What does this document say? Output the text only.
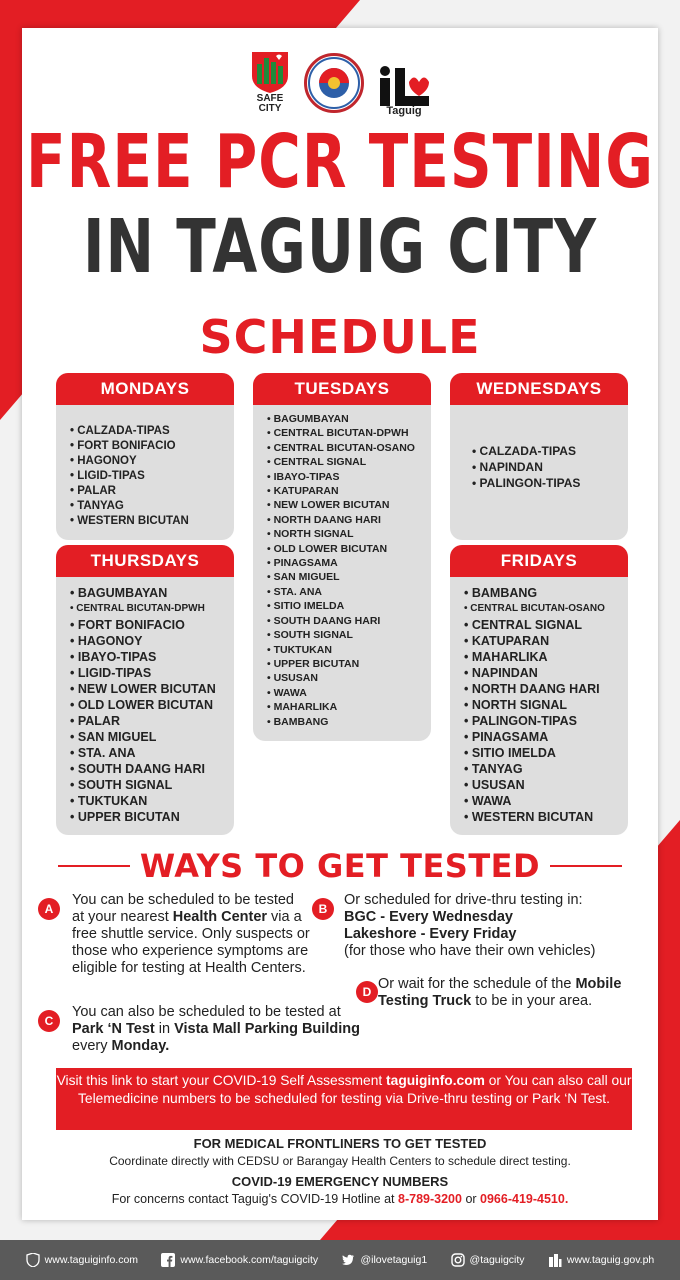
SAFE CITY	Taguig
FREE PCR TESTING
IN TAGUIG CITY
SCHEDULE
MONDAYS
• CALZADA-TIPAS
• FORT BONIFACIO
• HAGONOY
• LIGID-TIPAS
• PALAR
• TANYAG
• WESTERN BICUTAN
TUESDAYS
• BAGUMBAYAN
• CENTRAL BICUTAN-DPWH
• CENTRAL BICUTAN-OSANO
• CENTRAL SIGNAL
• IBAYO-TIPAS
• KATUPARAN
• NEW LOWER BICUTAN
• NORTH DAANG HARI
• NORTH SIGNAL
• OLD LOWER BICUTAN
• PINAGSAMA
• SAN MIGUEL
• STA. ANA
• SITIO IMELDA
• SOUTH DAANG HARI
• SOUTH SIGNAL
• TUKTUKAN
• UPPER BICUTAN
• USUSAN
• WAWA
• MAHARLIKA
• BAMBANG
WEDNESDAYS
• CALZADA-TIPAS
• NAPINDAN
• PALINGON-TIPAS
THURSDAYS
• BAGUMBAYAN
• CENTRAL BICUTAN-DPWH
• FORT BONIFACIO
• HAGONOY
• IBAYO-TIPAS
• LIGID-TIPAS
• NEW LOWER BICUTAN
• OLD LOWER BICUTAN
• PALAR
• SAN MIGUEL
• STA. ANA
• SOUTH DAANG HARI
• SOUTH SIGNAL
• TUKTUKAN
• UPPER BICUTAN
FRIDAYS
• BAMBANG
• CENTRAL BICUTAN-OSANO
• CENTRAL SIGNAL
• KATUPARAN
• MAHARLIKA
• NAPINDAN
• NORTH DAANG HARI
• NORTH SIGNAL
• PALINGON-TIPAS
• PINAGSAMA
• SITIO IMELDA
• TANYAG
• USUSAN
• WAWA
• WESTERN BICUTAN
WAYS TO GET TESTED
A
You can be scheduled to be tested at your nearest Health Center via a free shuttle service. Only suspects or those who experience symptoms are eligible for testing at Health Centers.
B
Or scheduled for drive-thru testing in:
BGC - Every Wednesday
Lakeshore - Every Friday
(for those who have their own vehicles)
D Or wait for the schedule of the Mobile Testing Truck to be in your area.
C
You can also be scheduled to be tested at Park ‘N Test in Vista Mall Parking Building every Monday.
Visit this link to start your COVID-19 Self Assessment taguiginfo.com or You can also call our Telemedicine numbers to be scheduled for testing via Drive-thru testing or Park ‘N Test.
FOR MEDICAL FRONTLINERS TO GET TESTED
Coordinate directly with CEDSU or Barangay Health Centers to schedule direct testing.
COVID-19 EMERGENCY NUMBERS
For concerns contact Taguig's COVID-19 Hotline at 8-789-3200 or 0966-419-4510.
www.taguiginfo.com	www.facebook.com/taguigcity	@ilovetaguig1	@taguigcity	www.taguig.gov.ph
